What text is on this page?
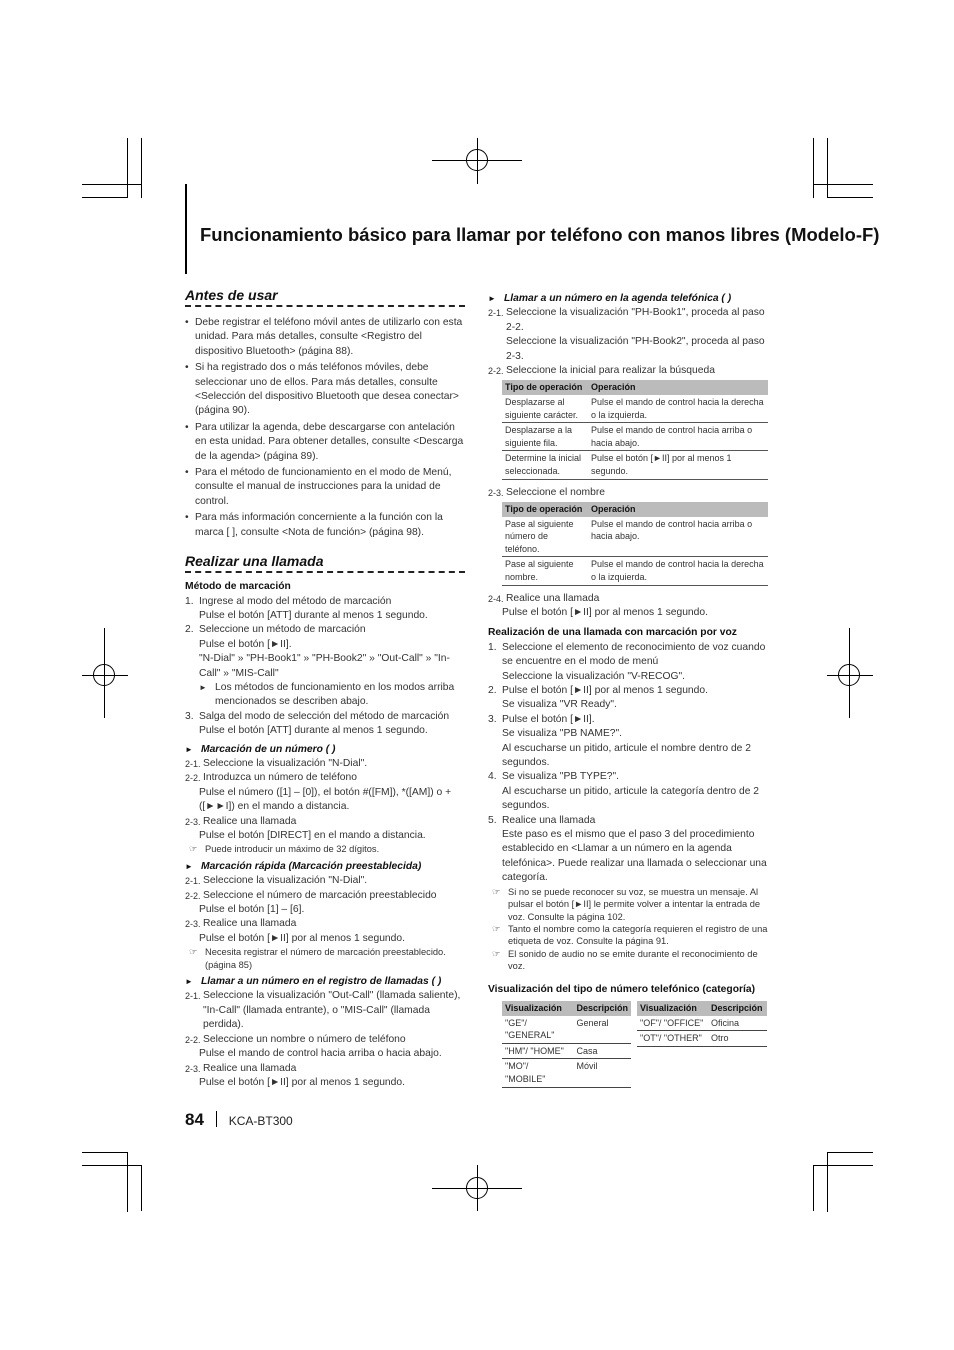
Funcionamiento básico para llamar por teléfono con manos libres (Modelo-F)
Antes de usar
• Debe registrar el teléfono móvil antes de utilizarlo con esta unidad. Para más detalles, consulte <Registro del dispositivo Bluetooth> (página 88).
• Si ha registrado dos o más teléfonos móviles, debe seleccionar uno de ellos. Para más detalles, consulte <Selección del dispositivo Bluetooth que desea conectar> (página 90).
• Para utilizar la agenda, debe descargarse con antelación en esta unidad. Para obtener detalles, consulte <Descarga de la agenda> (página 89).
• Para el método de funcionamiento en el modo de Menú, consulte el manual de instrucciones para la unidad de control.
• Para más información concerniente a la función con la marca [ ], consulte <Nota de función> (página 98).
Realizar una llamada
Método de marcación
1. Ingrese al modo del método de marcación
Pulse el botón [ATT] durante al menos 1 segundo.
2. Seleccione un método de marcación
Pulse el botón [►II].
"N-Dial" » "PH-Book1" » "PH-Book2" » "Out-Call" » "In-Call" » "MIS-Call"
► Los métodos de funcionamiento en los modos arriba mencionados se describen abajo.
3. Salga del modo de selección del método de marcación
Pulse el botón [ATT] durante al menos 1 segundo.
► Marcación de un número ( )
2-1. Seleccione la visualización "N-Dial".
2-2. Introduzca un número de teléfono
Pulse el número ([1] – [0]), el botón #([FM]), *([AM]) o +([►►I]) en el mando a distancia.
2-3. Realice una llamada
Pulse el botón [DIRECT] en el mando a distancia.
☞ Puede introducir un máximo de 32 dígitos.
► Marcación rápida (Marcación preestablecida)
2-1. Seleccione la visualización "N-Dial".
2-2. Seleccione el número de marcación preestablecido
Pulse el botón [1] – [6].
2-3. Realice una llamada
Pulse el botón [►II] por al menos 1 segundo.
☞ Necesita registrar el número de marcación preestablecido. (página 85)
► Llamar a un número en el registro de llamadas ( )
2-1. Seleccione la visualización "Out-Call" (llamada saliente), "In-Call" (llamada entrante), o "MIS-Call" (llamada perdida).
2-2. Seleccione un nombre o número de teléfono
Pulse el mando de control hacia arriba o hacia abajo.
2-3. Realice una llamada
Pulse el botón [►II] por al menos 1 segundo.
► Llamar a un número en la agenda telefónica ( )
2-1. Seleccione la visualización "PH-Book1", proceda al paso 2-2.
Seleccione la visualización "PH-Book2", proceda al paso 2-3.
2-2. Seleccione la inicial para realizar la búsqueda
Tipo de operación	Operación
Desplazarse al siguiente carácter.	Pulse el mando de control hacia la derecha o la izquierda.
Desplazarse a la siguiente fila.	Pulse el mando de control hacia arriba o hacia abajo.
Determine la inicial seleccionada.	Pulse el botón [►II] por al menos 1 segundo.
2-3. Seleccione el nombre
Tipo de operación	Operación
Pase al siguiente número de teléfono.	Pulse el mando de control hacia arriba o hacia abajo.
Pase al siguiente nombre.	Pulse el mando de control hacia la derecha o la izquierda.
2-4. Realice una llamada
Pulse el botón [►II] por al menos 1 segundo.
Realización de una llamada con marcación por voz
1. Seleccione el elemento de reconocimiento de voz cuando se encuentre en el modo de menú
Seleccione la visualización "V-RECOG".
2. Pulse el botón [►II] por al menos 1 segundo.
Se visualiza "VR Ready".
3. Pulse el botón [►II].
Se visualiza "PB NAME?".
Al escucharse un pitido, articule el nombre dentro de 2 segundos.
4. Se visualiza "PB TYPE?".
Al escucharse un pitido, articule la categoría dentro de 2 segundos.
5. Realice una llamada
Este paso es el mismo que el paso 3 del procedimiento establecido en <Llamar a un número en la agenda telefónica>. Puede realizar una llamada o seleccionar una categoría.
☞ Si no se puede reconocer su voz, se muestra un mensaje. Al pulsar el botón [►II] le permite volver a intentar la entrada de voz. Consulte la página 102.
☞ Tanto el nombre como la categoría requieren el registro de una etiqueta de voz. Consulte la página 91.
☞ El sonido de audio no se emite durante el reconocimiento de voz.
Visualización del tipo de número telefónico (categoría)
Visualización	Descripción
"GE"/ "GENERAL"	General
"HM"/ "HOME"	Casa
"MO"/ "MOBILE"	Móvil
Visualización	Descripción
"OF"/ "OFFICE"	Oficina
"OT"/ "OTHER"	Otro
84 KCA-BT300
